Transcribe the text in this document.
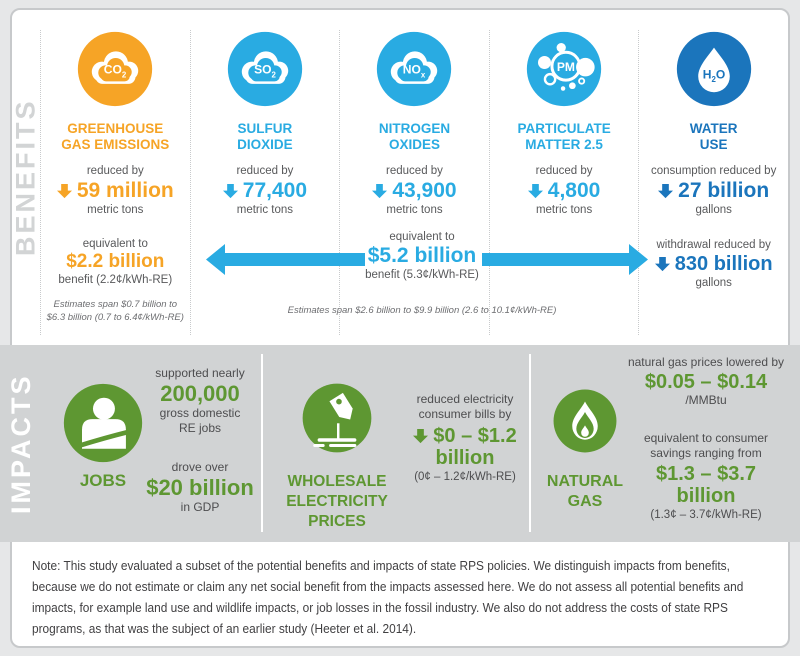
BENEFITS
$CO_2$
GREENHOUSE
GAS EMISSIONS
reduced by
59 million
metric tons
equivalent to
$2.2 billion
benefit (2.2¢/kWh-RE)
Estimates span $0.7 billion to
$6.3 billion (0.7 to 6.4¢/kWh-RE)
$SO_2$
SULFUR
DIOXIDE
reduced by
77,400
metric tons
$NO_x$
NITROGEN
OXIDES
reduced by
43,900
metric tons
PM
PARTICULATE
MATTER 2.5
reduced by
4,800
metric tons
$H_2O$
WATER
USE
consumption reduced by
27 billion
gallons
withdrawal reduced by
830 billion
gallons
equivalent to
$5.2 billion
benefit (5.3¢/kWh-RE)
Estimates span $2.6 billion to $9.9 billion (2.6 to 10.1¢/kWh-RE)

Note: This study evaluated a subset of the potential benefits and impacts of state RPS policies. We distinguish impacts from benefits, because we do not estimate or claim any net social benefit from the impacts assessed here. We do not assess all potential benefits and impacts, for example land use and wildlife impacts, or job losses in the fossil industry. We also do not address the costs of state RPS programs, as that was the subject of an earlier study (Heeter et al. 2014).

IMPACTS	JOBS
supported nearly
200,000
gross domestic
RE jobs
drove over
$20 billion
in GDP
WHOLESALE
ELECTRICITY
PRICES
reduced electricity
consumer bills by
$0 – $1.2
billion
(0¢ – 1.2¢/kWh-RE)	NATURAL
GAS
natural gas prices lowered by
$0.05 – $0.14
/MMBtu
equivalent to consumer
savings ranging from
$1.3 – $3.7
billion
(1.3¢ – 3.7¢/kWh-RE)
